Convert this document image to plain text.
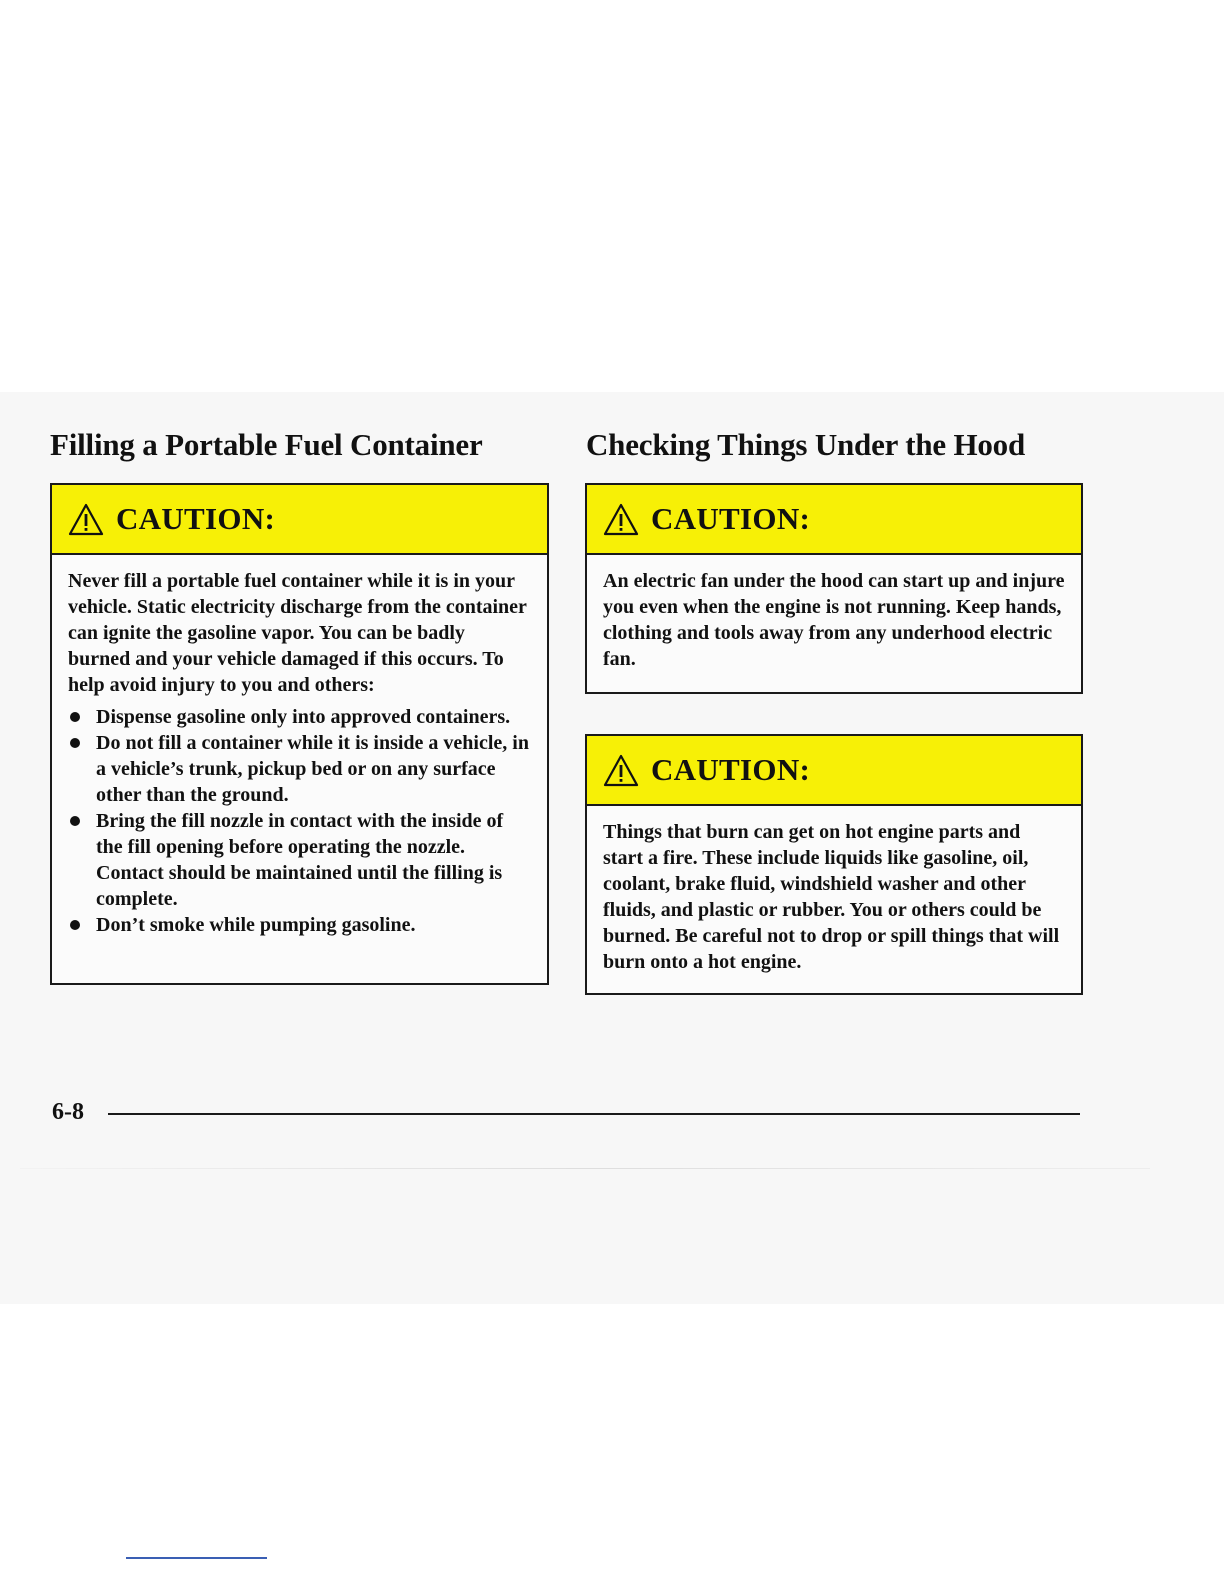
Filling a Portable Fuel Container
CAUTION:

Never fill a portable fuel container while it is in your vehicle. Static electricity discharge from the container can ignite the gasoline vapor. You can be badly burned and your vehicle damaged if this occurs. To help avoid injury to you and others:

Dispense gasoline only into approved containers.
Do not fill a container while it is inside a vehicle, in a vehicle’s trunk, pickup bed or on any surface other than the ground.
Bring the fill nozzle in contact with the inside of the fill opening before operating the nozzle. Contact should be maintained until the filling is complete.
Don’t smoke while pumping gasoline.
Checking Things Under the Hood
CAUTION:

An electric fan under the hood can start up and injure you even when the engine is not running. Keep hands, clothing and tools away from any underhood electric fan.

CAUTION:

Things that burn can get on hot engine parts and start a fire. These include liquids like gasoline, oil, coolant, brake fluid, windshield washer and other fluids, and plastic or rubber. You or others could be burned. Be careful not to drop or spill things that will burn onto a hot engine.

6-8
